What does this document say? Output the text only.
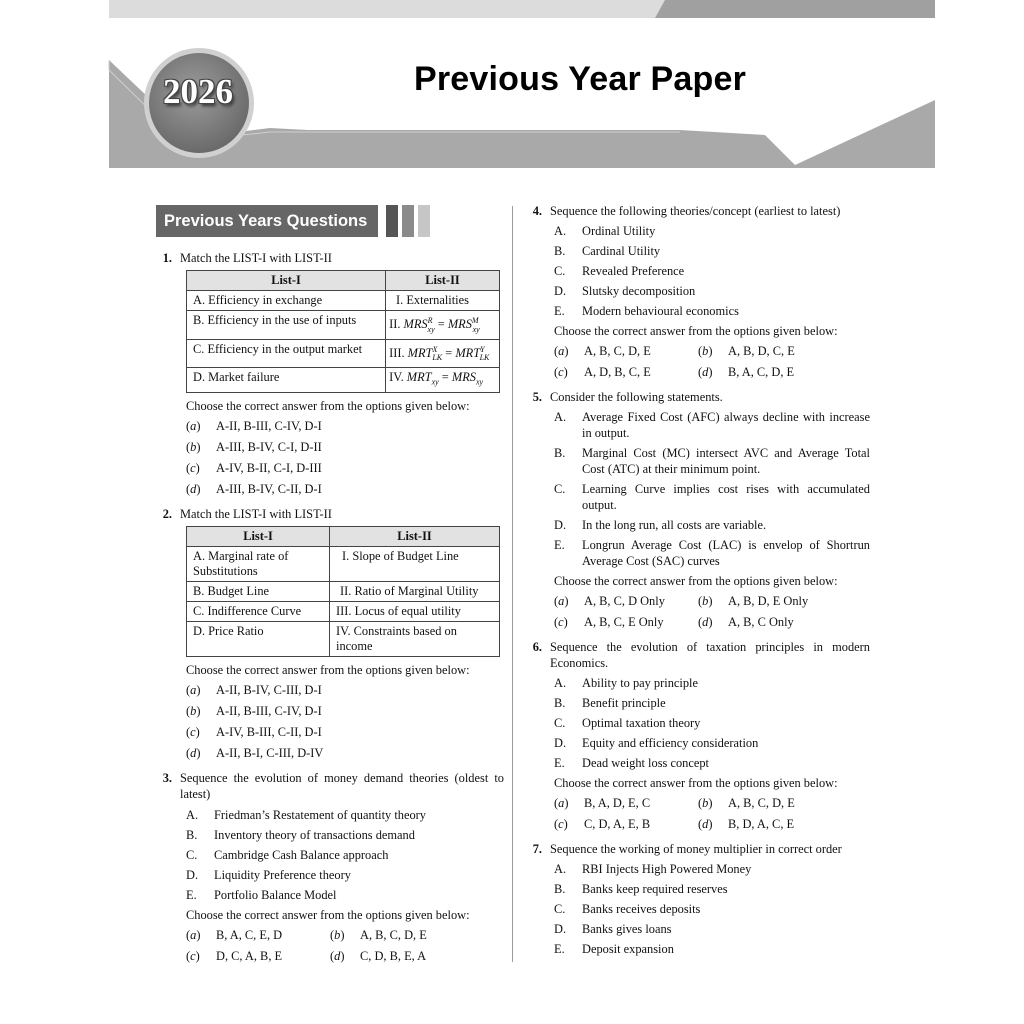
2026	Previous Year Paper
Previous Years Questions
1. Match the LIST-I with LIST-II
List-I	List-II
A. Efficiency in exchange	I. Externalities
B. Efficiency in the use of inputs	II. $MRS^R_{xy} = MRS^M_{xy}$
C. Efficiency in the output market	III. $MRT^X_{LK} = MRT^Y_{LK}$
D. Market failure	IV. $MRT_{xy} = MRS_{xy}$
Choose the correct answer from the options given below:
(a)	A-II, B-III, C-IV, D-I
(b)	A-III, B-IV, C-I, D-II
(c)	A-IV, B-II, C-I, D-III
(d)	A-III, B-IV, C-II, D-I
2. Match the LIST-I with LIST-II
List-I	List-II
A. Marginal rate of Substitutions	I. Slope of Budget Line
B. Budget Line	II. Ratio of Marginal Utility
C. Indifference Curve	III. Locus of equal utility
D. Price Ratio	IV. Constraints based on income
Choose the correct answer from the options given below:
(a)	A-II, B-IV, C-III, D-I
(b)	A-II, B-III, C-IV, D-I
(c)	A-IV, B-III, C-II, D-I
(d)	A-II, B-I, C-III, D-IV
3. Sequence the evolution of money demand theories (oldest to latest)
A.	Friedman’s Restatement of quantity theory
B.	Inventory theory of transactions demand
C.	Cambridge Cash Balance approach
D.	Liquidity Preference theory
E.	Portfolio Balance Model
Choose the correct answer from the options given below:
(a)	B, A, C, E, D	(b)	A, B, C, D, E
(c)	D, C, A, B, E	(d)	C, D, B, E, A
4. Sequence the following theories/concept (earliest to latest)
A.	Ordinal Utility
B.	Cardinal Utility
C.	Revealed Preference
D.	Slutsky decomposition
E.	Modern behavioural economics
Choose the correct answer from the options given below:
(a)	A, B, C, D, E	(b)	A, B, D, C, E
(c)	A, D, B, C, E	(d)	B, A, C, D, E
5. Consider the following statements.
A.	Average Fixed Cost (AFC) always decline with increase in output.
B.	Marginal Cost (MC) intersect AVC and Average Total Cost (ATC) at their minimum point.
C.	Learning Curve implies cost rises with accumulated output.
D.	In the long run, all costs are variable.
E.	Longrun Average Cost (LAC) is envelop of Shortrun Average Cost (SAC) curves
Choose the correct answer from the options given below:
(a)	A, B, C, D Only	(b)	A, B, D, E Only
(c)	A, B, C, E Only	(d)	A, B, C Only
6. Sequence the evolution of taxation principles in modern Economics.
A.	Ability to pay principle
B.	Benefit principle
C.	Optimal taxation theory
D.	Equity and efficiency consideration
E.	Dead weight loss concept
Choose the correct answer from the options given below:
(a)	B, A, D, E, C	(b)	A, B, C, D, E
(c)	C, D, A, E, B	(d)	B, D, A, C, E
7. Sequence the working of money multiplier in correct order
A.	RBI Injects High Powered Money
B.	Banks keep required reserves
C.	Banks receives deposits
D.	Banks gives loans
E.	Deposit expansion
